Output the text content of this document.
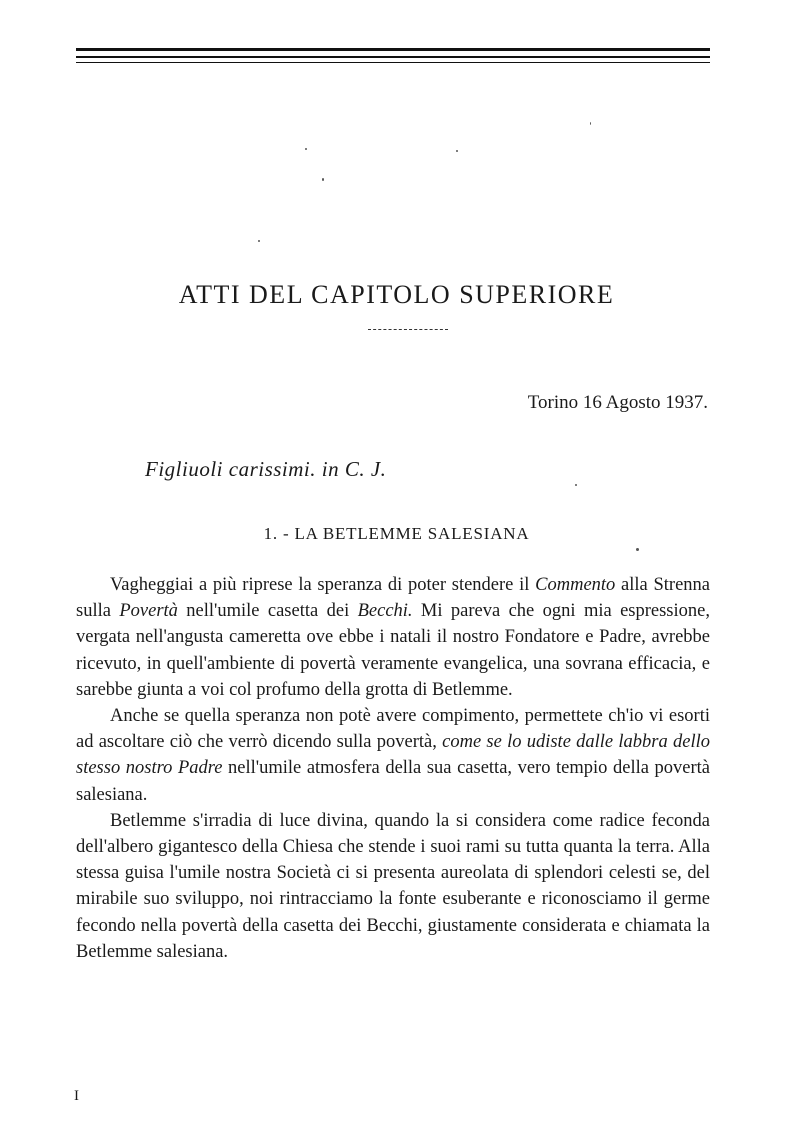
ATTI DEL CAPITOLO SUPERIORE
Torino 16 Agosto 1937.
Figliuoli carissimi. in C. J.
1. - LA BETLEMME SALESIANA

Vagheggiai a più riprese la speranza di poter stendere il Commento alla Strenna sulla Povertà nell'umile casetta dei Becchi. Mi pareva che ogni mia espressione, vergata nell'angusta cameretta ove ebbe i natali il nostro Fondatore e Padre, avrebbe ricevuto, in quell'ambiente di povertà veramente evangelica, una sovrana efficacia, e sarebbe giunta a voi col profumo della grotta di Betlemme.

Anche se quella speranza non potè avere compimento, permettete ch'io vi esorti ad ascoltare ciò che verrò dicendo sulla povertà, come se lo udiste dalle labbra dello stesso nostro Padre nell'umile atmosfera della sua casetta, vero tempio della povertà salesiana.

Betlemme s'irradia di luce divina, quando la si considera come radice feconda dell'albero gigantesco della Chiesa che stende i suoi rami su tutta quanta la terra. Alla stessa guisa l'umile nostra Società ci si presenta aureolata di splendori celesti se, del mirabile suo sviluppo, noi rintracciamo la fonte esuberante e riconosciamo il germe fecondo nella povertà della casetta dei Becchi, giustamente considerata e chiamata la Betlemme salesiana.

I
